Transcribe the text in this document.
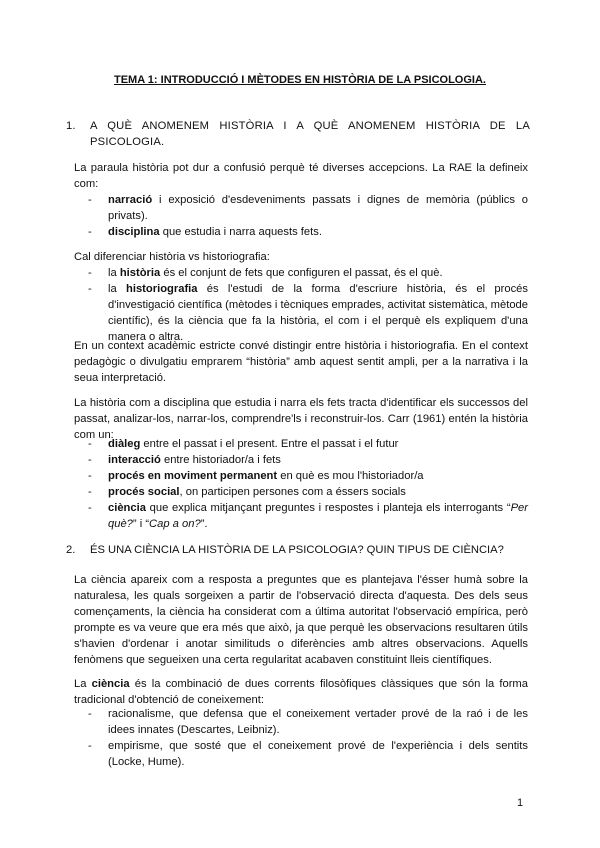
TEMA 1: INTRODUCCIÓ I MÈTODES EN HISTÒRIA DE LA PSICOLOGIA.
1. A QUÈ ANOMENEM HISTÒRIA I A QUÈ ANOMENEM HISTÒRIA DE LA PSICOLOGIA.
La paraula història pot dur a confusió perquè té diverses accepcions. La RAE la defineix com:
- narració i exposició d'esdeveniments passats i dignes de memòria (públics o privats).
- disciplina que estudia i narra aquests fets.
Cal diferenciar història vs historiografia:
- la història és el conjunt de fets que configuren el passat, és el què.
- la historiografia és l'estudi de la forma d'escriure història, és el procés d'investigació científica (mètodes i tècniques emprades, activitat sistemàtica, mètode científic), és la ciència que fa la història, el com i el perquè els expliquem d'una manera o altra.
En un context acadèmic estricte convé distingir entre història i historiografia. En el context pedagògic o divulgatiu emprarem “història” amb aquest sentit ampli, per a la narrativa i la seua interpretació.
La història com a disciplina que estudia i narra els fets tracta d'identificar els successos del passat, analizar-los, narrar-los, comprendre'ls i reconstruir-los. Carr (1961) entén la història com un:
- diàleg entre el passat i el present. Entre el passat i el futur
- interacció entre historiador/a i fets
- procés en moviment permanent en què es mou l'historiador/a
- procés social, on participen persones com a éssers socials
- ciència que explica mitjançant preguntes i respostes i planteja els interrogants “Per què?” i “Cap a on?”.
2. ÉS UNA CIÈNCIA LA HISTÒRIA DE LA PSICOLOGIA? QUIN TIPUS DE CIÈNCIA?
La ciència apareix com a resposta a preguntes que es plantejava l'ésser humà sobre la naturalesa, les quals sorgeixen a partir de l'observació directa d'aquesta. Des dels seus començaments, la ciència ha considerat com a última autoritat l'observació empírica, però prompte es va veure que era més que això, ja que perquè les observacions resultaren útils s'havien d'ordenar i anotar similituds o diferències amb altres observacions. Aquells fenòmens que segueixen una certa regularitat acabaven constituint lleis científiques.
La ciència és la combinació de dues corrents filosòfiques clàssiques que són la forma tradicional d'obtenció de coneixement:
- racionalisme, que defensa que el coneixement vertader prové de la raó i de les idees innates (Descartes, Leibniz).
- empirisme, que sosté que el coneixement prové de l'experiència i dels sentits (Locke, Hume).
1
